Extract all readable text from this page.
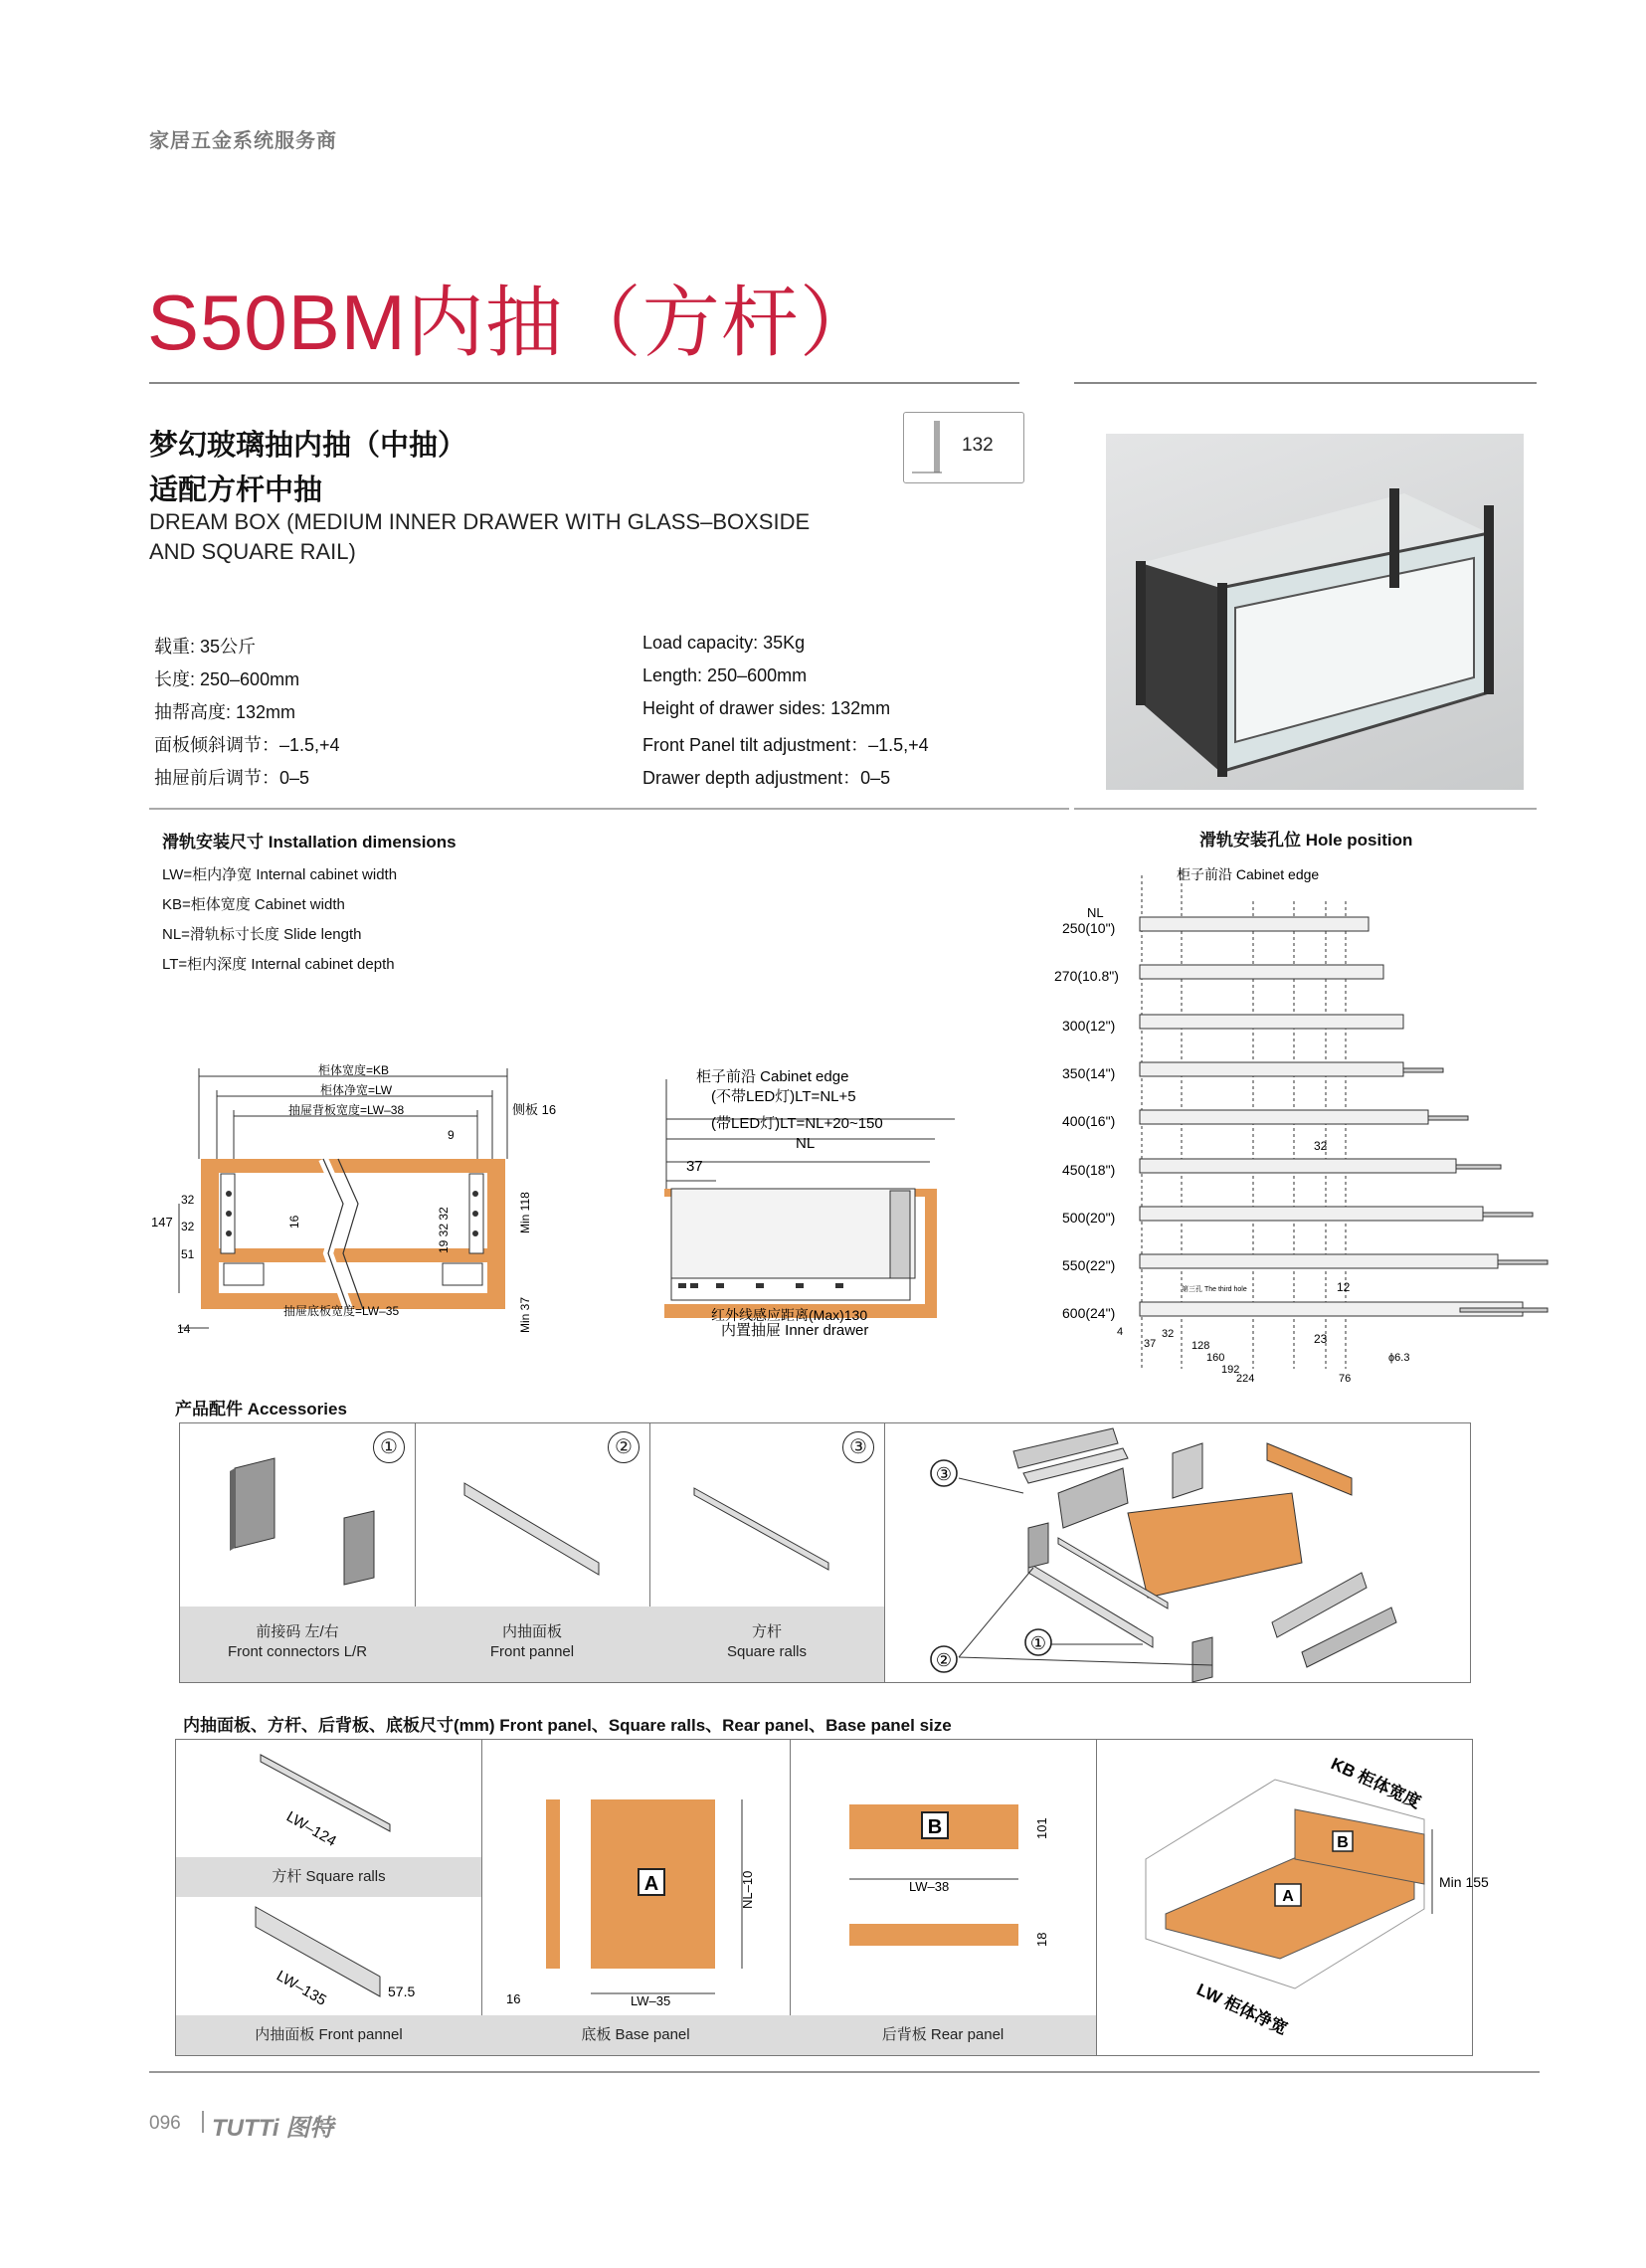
家居五金系统服务商
S50BM内抽（方杆）
梦幻玻璃抽内抽（中抽）
适配方杆中抽
DREAM BOX (MEDIUM INNER DRAWER WITH GLASS–BOXSIDE
AND SQUARE RAIL)
132
载重: 35公斤
长度: 250–600mm
抽帮高度: 132mm
面板倾斜调节：–1.5,+4
抽屉前后调节：0–5
Load capacity: 35Kg
Length: 250–600mm
Height of drawer sides: 132mm
Front Panel tilt adjustment：–1.5,+4
Drawer depth adjustment：0–5
滑轨安装尺寸 Installation dimensions
LW=柜内净宽 Internal cabinet width
KB=柜体宽度 Cabinet width
NL=滑轨标寸长度 Slide length
LT=柜内深度 Internal cabinet depth
柜体宽度=KB
柜体净宽=LW
抽屉背板宽度=LW–38	侧板 16
9
147
32
32
51
16	19 32 32	Min 118
Min 37
抽屉底板宽度=LW–35
14
柜子前沿 Cabinet edge
(不带LED灯)LT=NL+5
(带LED灯)LT=NL+20~150
NL
37
红外线感应距离(Max)130
内置抽屉 Inner drawer
滑轨安装孔位 Hole position
柜子前沿 Cabinet edge
NL
250(10")
270(10.8")
300(12")
350(14")
400(16")
450(18")
500(20")
550(22")
600(24")
第三孔 The third hole
32
12
23
4
37
32
128
160
192
224	76
ϕ6.3
产品配件 Accessories
①
前接码 左/右
Front connectors L/R
②
内抽面板
Front pannel
③
方杆
Square ralls
③
②
①
内抽面板、方杆、后背板、底板尺寸(mm) Front panel、Square ralls、Rear panel、Base panel size
LW–124
方杆 Square ralls
LW–135	57.5
内抽面板 Front pannel
A	NL–10
LW–35
16
底板 Base panel
B	101
LW–38
18
后背板 Rear panel
B
A
KB 柜体宽度
LW 柜体净宽
Min 155
096 TUTTi 图特
